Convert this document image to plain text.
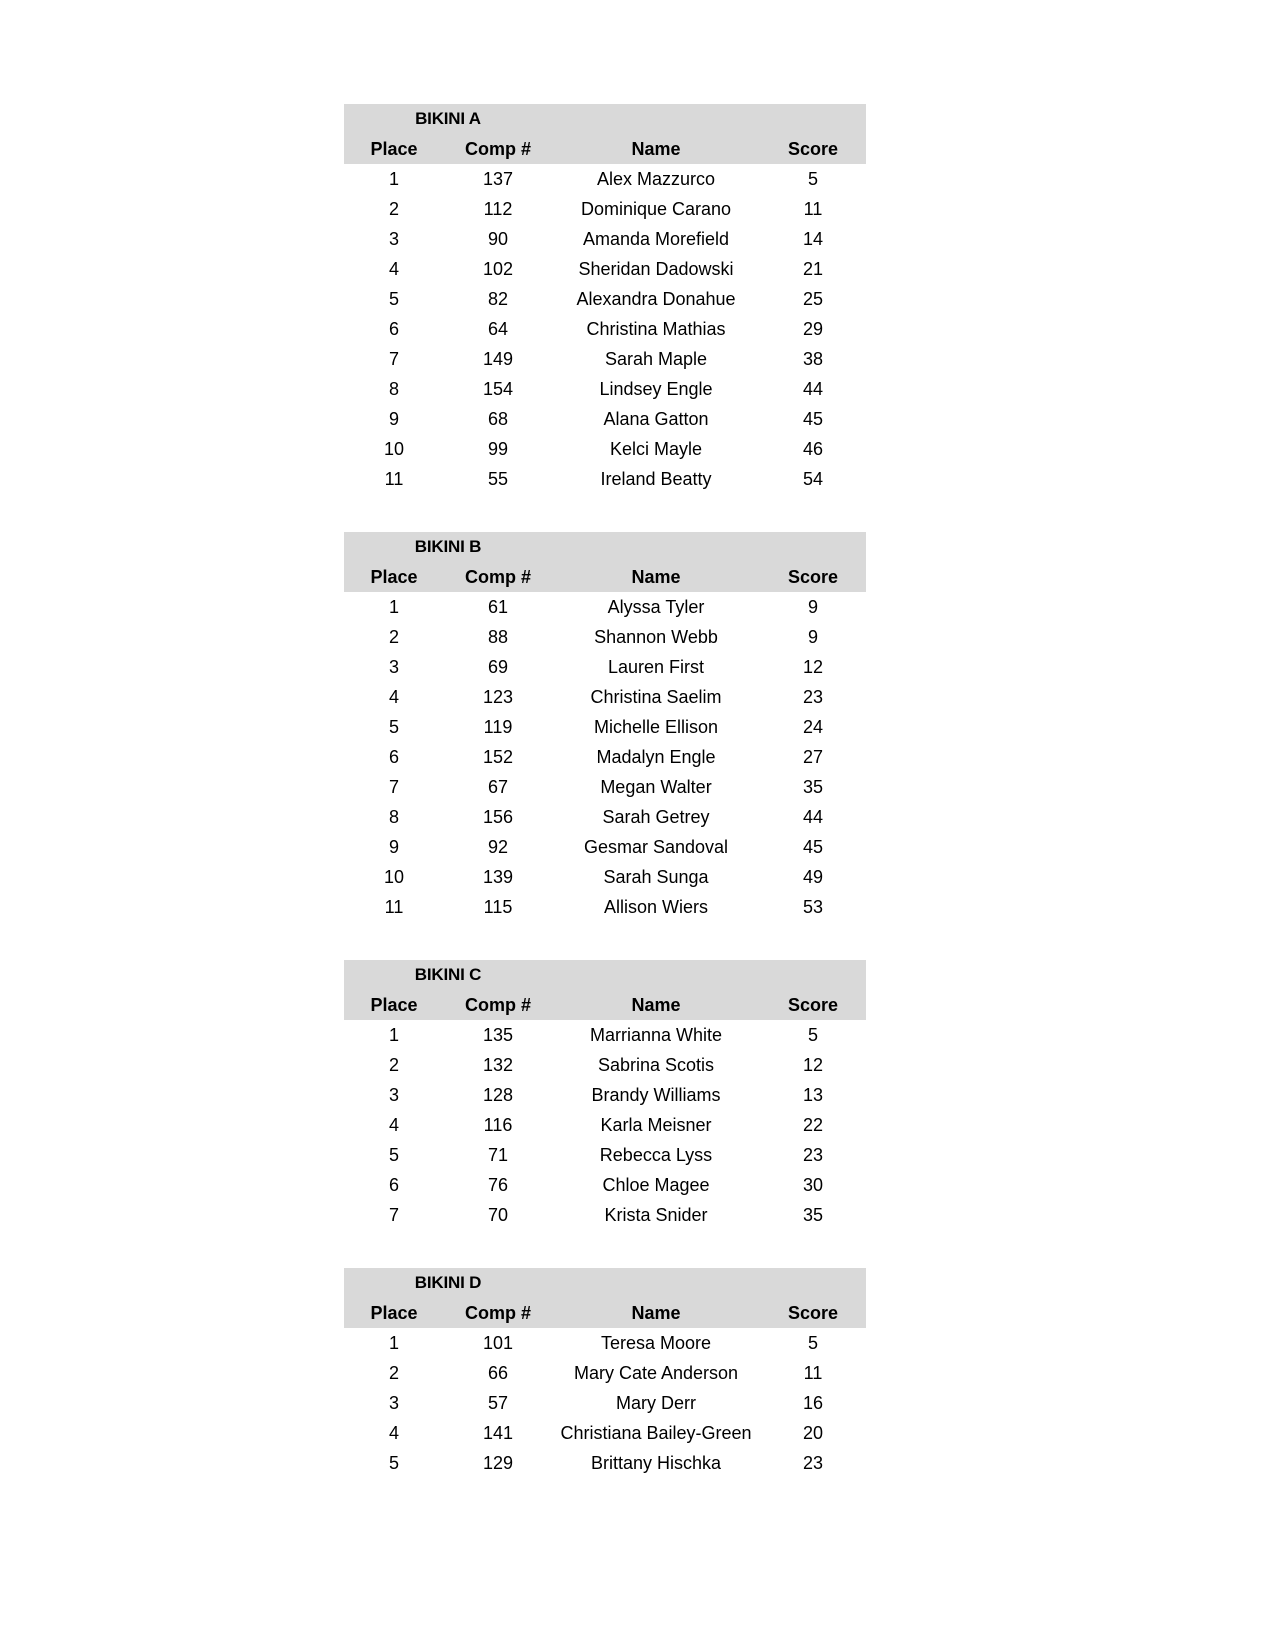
BIKINI A			
Place	Comp #	Name	Score
1	137	Alex Mazzurco	5
2	112	Dominique Carano	11
3	90	Amanda Morefield	14
4	102	Sheridan Dadowski	21
5	82	Alexandra Donahue	25
6	64	Christina Mathias	29
7	149	Sarah Maple	38
8	154	Lindsey Engle	44
9	68	Alana Gatton	45
10	99	Kelci Mayle	46
11	55	Ireland Beatty	54
BIKINI B			
Place	Comp #	Name	Score
1	61	Alyssa Tyler	9
2	88	Shannon Webb	9
3	69	Lauren First	12
4	123	Christina Saelim	23
5	119	Michelle Ellison	24
6	152	Madalyn Engle	27
7	67	Megan Walter	35
8	156	Sarah Getrey	44
9	92	Gesmar Sandoval	45
10	139	Sarah Sunga	49
11	115	Allison Wiers	53
BIKINI C			
Place	Comp #	Name	Score
1	135	Marrianna White	5
2	132	Sabrina Scotis	12
3	128	Brandy Williams	13
4	116	Karla Meisner	22
5	71	Rebecca Lyss	23
6	76	Chloe Magee	30
7	70	Krista Snider	35
BIKINI D			
Place	Comp #	Name	Score
1	101	Teresa Moore	5
2	66	Mary Cate Anderson	11
3	57	Mary Derr	16
4	141	Christiana Bailey-Green	20
5	129	Brittany Hischka	23
